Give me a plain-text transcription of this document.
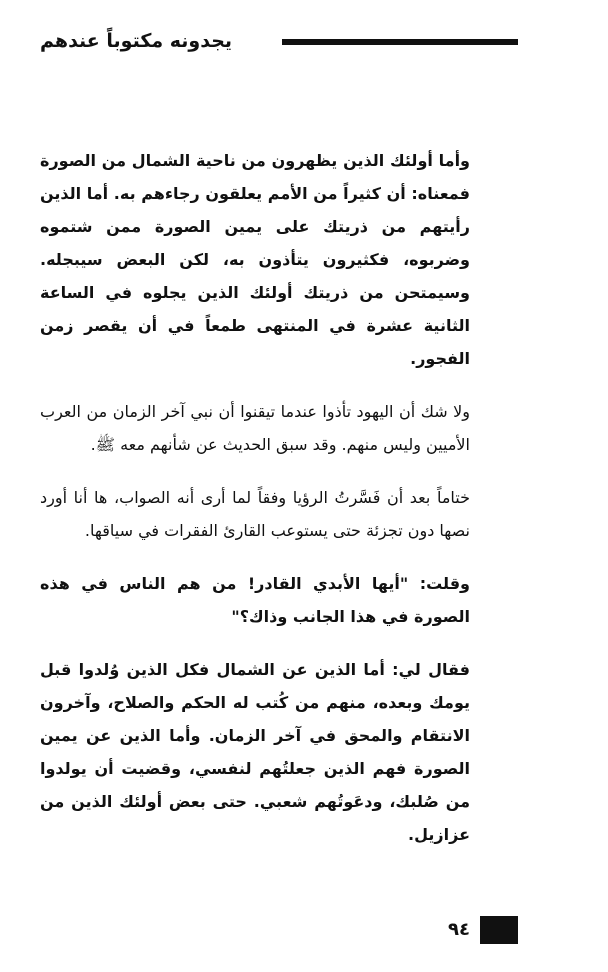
يجدونه مكتوباً عندهم

وأما أولئك الذين يظهرون من ناحية الشمال من الصورة فمعناه: أن كثيراً من الأمم يعلقون رجاءهم به. أما الذين رأيتهم من ذريتك على يمين الصورة ممن شتموه وضربوه، فكثيرون يتأذون به، لكن البعض سيبجله. وسيمتحن من ذريتك أولئك الذين يجلوه في الساعة الثانية عشرة في المنتهى طمعاً في أن يقصر زمن الفجور.

ولا شك أن اليهود تأذوا عندما تيقنوا أن نبي آخر الزمان من العرب الأميين وليس منهم. وقد سبق الحديث عن شأنهم معه ﷺ.

ختاماً بعد أن فَسَّرتُ الرؤيا وفقاً لما أرى أنه الصواب، ها أنا أورد نصها دون تجزئة حتى يستوعب القارئ الفقرات في سياقها.

وقلت: "أيها الأبدي القادر! من هم الناس في هذه الصورة في هذا الجانب وذاك؟"

فقال لي: أما الذين عن الشمال فكل الذين وُلدوا قبل يومك وبعده، منهم من كُتب له الحكم والصلاح، وآخرون الانتقام والمحق في آخر الزمان. وأما الذين عن يمين الصورة فهم الذين جعلتُهم لنفسي، وقضيت أن يولدوا من صُلبك، ودعَوتُهم شعبي. حتى بعض أولئك الذين من عزازيل.

٩٤
